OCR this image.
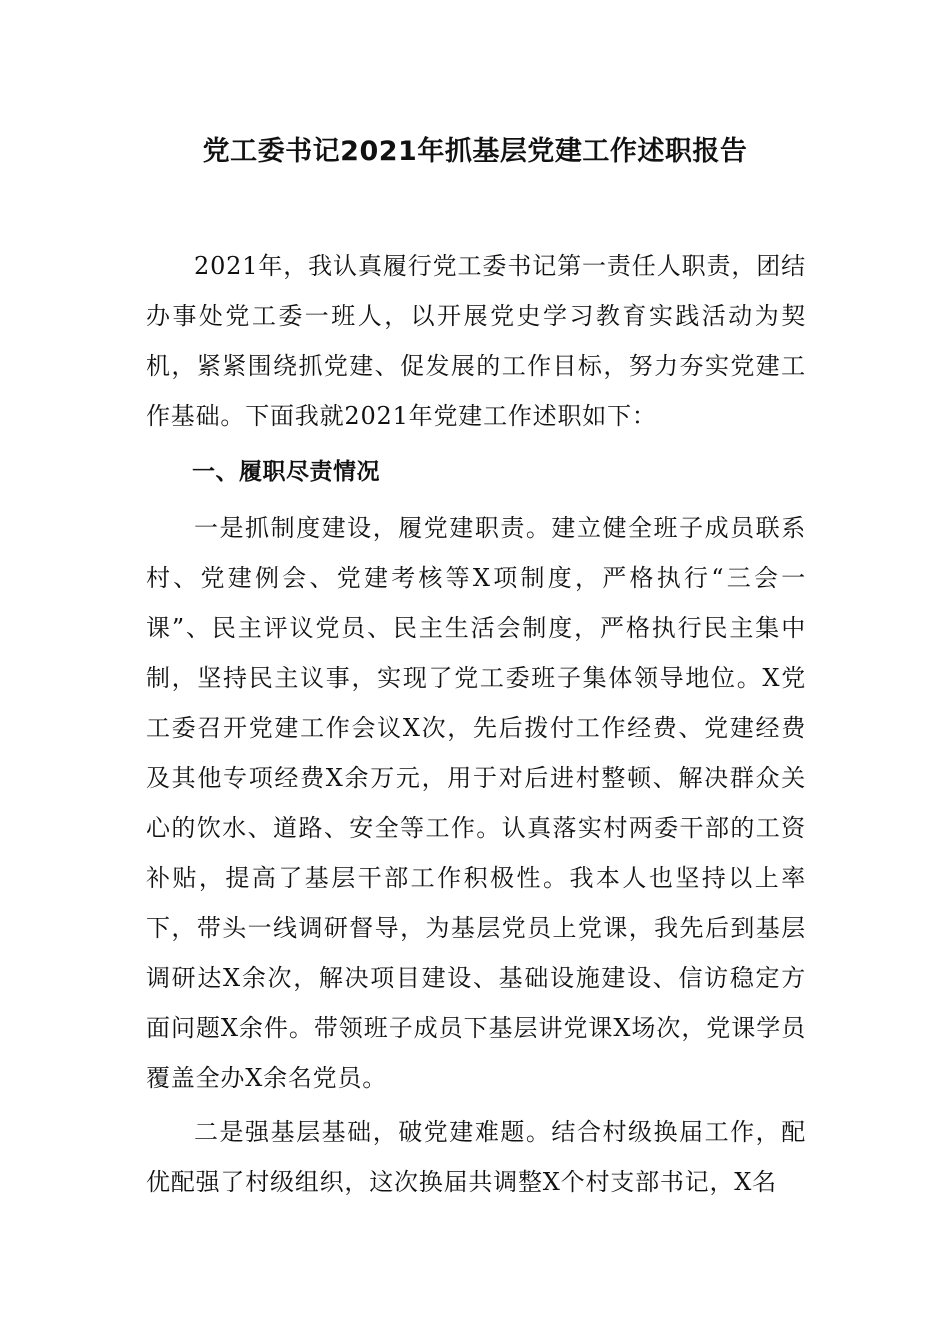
党工委书记2021年抓基层党建工作述职报告

2021年，我认真履行党工委书记第一责任人职责，团结办事处党工委一班人，以开展党史学习教育实践活动为契机，紧紧围绕抓党建、促发展的工作目标，努力夯实党建工作基础。下面我就2021年党建工作述职如下：

一、履职尽责情况

一是抓制度建设，履党建职责。建立健全班子成员联系村、党建例会、党建考核等X项制度，严格执行“三会一课”、民主评议党员、民主生活会制度，严格执行民主集中制，坚持民主议事，实现了党工委班子集体领导地位。X党工委召开党建工作会议X次，先后拨付工作经费、党建经费及其他专项经费X余万元，用于对后进村整顿、解决群众关心的饮水、道路、安全等工作。认真落实村两委干部的工资补贴，提高了基层干部工作积极性。我本人也坚持以上率下，带头一线调研督导，为基层党员上党课，我先后到基层调研达X余次，解决项目建设、基础设施建设、信访稳定方面问题X余件。带领班子成员下基层讲党课X场次，党课学员覆盖全办X余名党员。

二是强基层基础，破党建难题。结合村级换届工作，配优配强了村级组织，这次换届共调整X个村支部书记，X名
